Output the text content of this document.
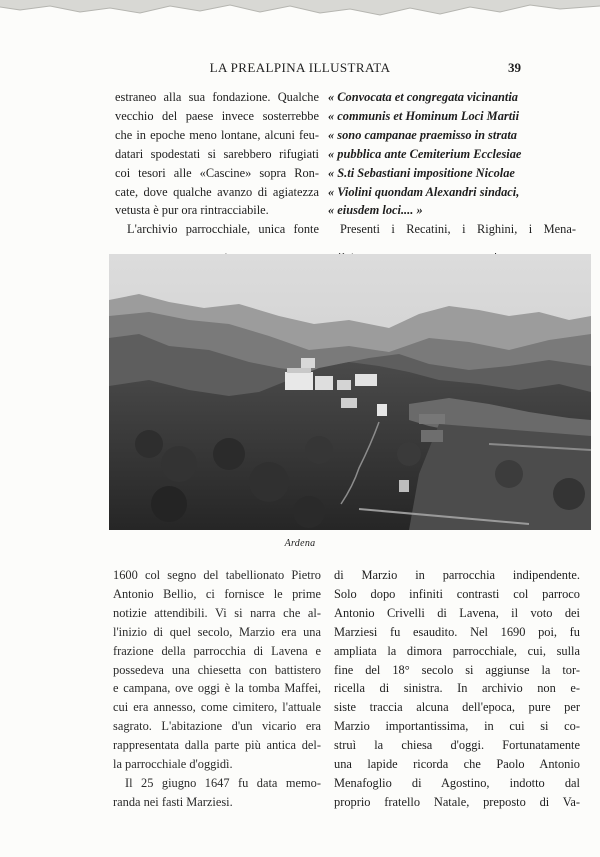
LA PREALPINA ILLUSTRATA	39
estraneo alla sua fondazione. Qualche
vecchio del paese invece sosterrebbe
che in epoche meno lontane, alcuni feu-
datari spodestati si sarebbero rifugiati
coi tesori alle «Cascine» sopra Ron-
cate, dove qualche avanzo di agiatezza
vetusta è pur ora rintracciabile.
L'archivio parrocchiale, unica fonte
« Convocata et congregata vicinantia
« communis et Hominum Loci Martii
« sono campanae praemisso in strata
« pubblica ante Cemiterium Ecclesiae
« S.ti Sebastiani impositione Nicolae
« Violini quondam Alexandri sindaci,
« eiusdem loci.... »
Presenti i Recatini, i Righini, i Mena-
Ardena
1600 col segno del tabellionato Pietro
Antonio Bellio, ci fornisce le prime
notizie attendibili. Vi si narra che al-
l'inizio di quel secolo, Marzio era una
frazione della parrocchia di Lavena e
possedeva una chiesetta con battistero
e campana, ove oggi è la tomba Maffei,
cui era annesso, come cimitero, l'attuale
sagrato. L'abitazione d'un vicario era
rappresentata dalla parte più antica del-
la parrocchiale d'oggidì.
Il 25 giugno 1647 fu data memo-
randa nei fasti Marziesi.
di Marzio in parrocchia indipendente.
Solo dopo infiniti contrasti col parroco
Antonio Crivelli di Lavena, il voto dei
Marziesi fu esaudito. Nel 1690 poi, fu
ampliata la dimora parrocchiale, cui, sulla
fine del 18° secolo si aggiunse la tor-
ricella di sinistra. In archivio non e-
siste traccia alcuna dell'epoca, pure per
Marzio importantissima, in cui si co-
struì la chiesa d'oggi. Fortunatamente
una lapide ricorda che Paolo Antonio
Menafoglio di Agostino, indotto dal
proprio fratello Natale, preposto di Va-
